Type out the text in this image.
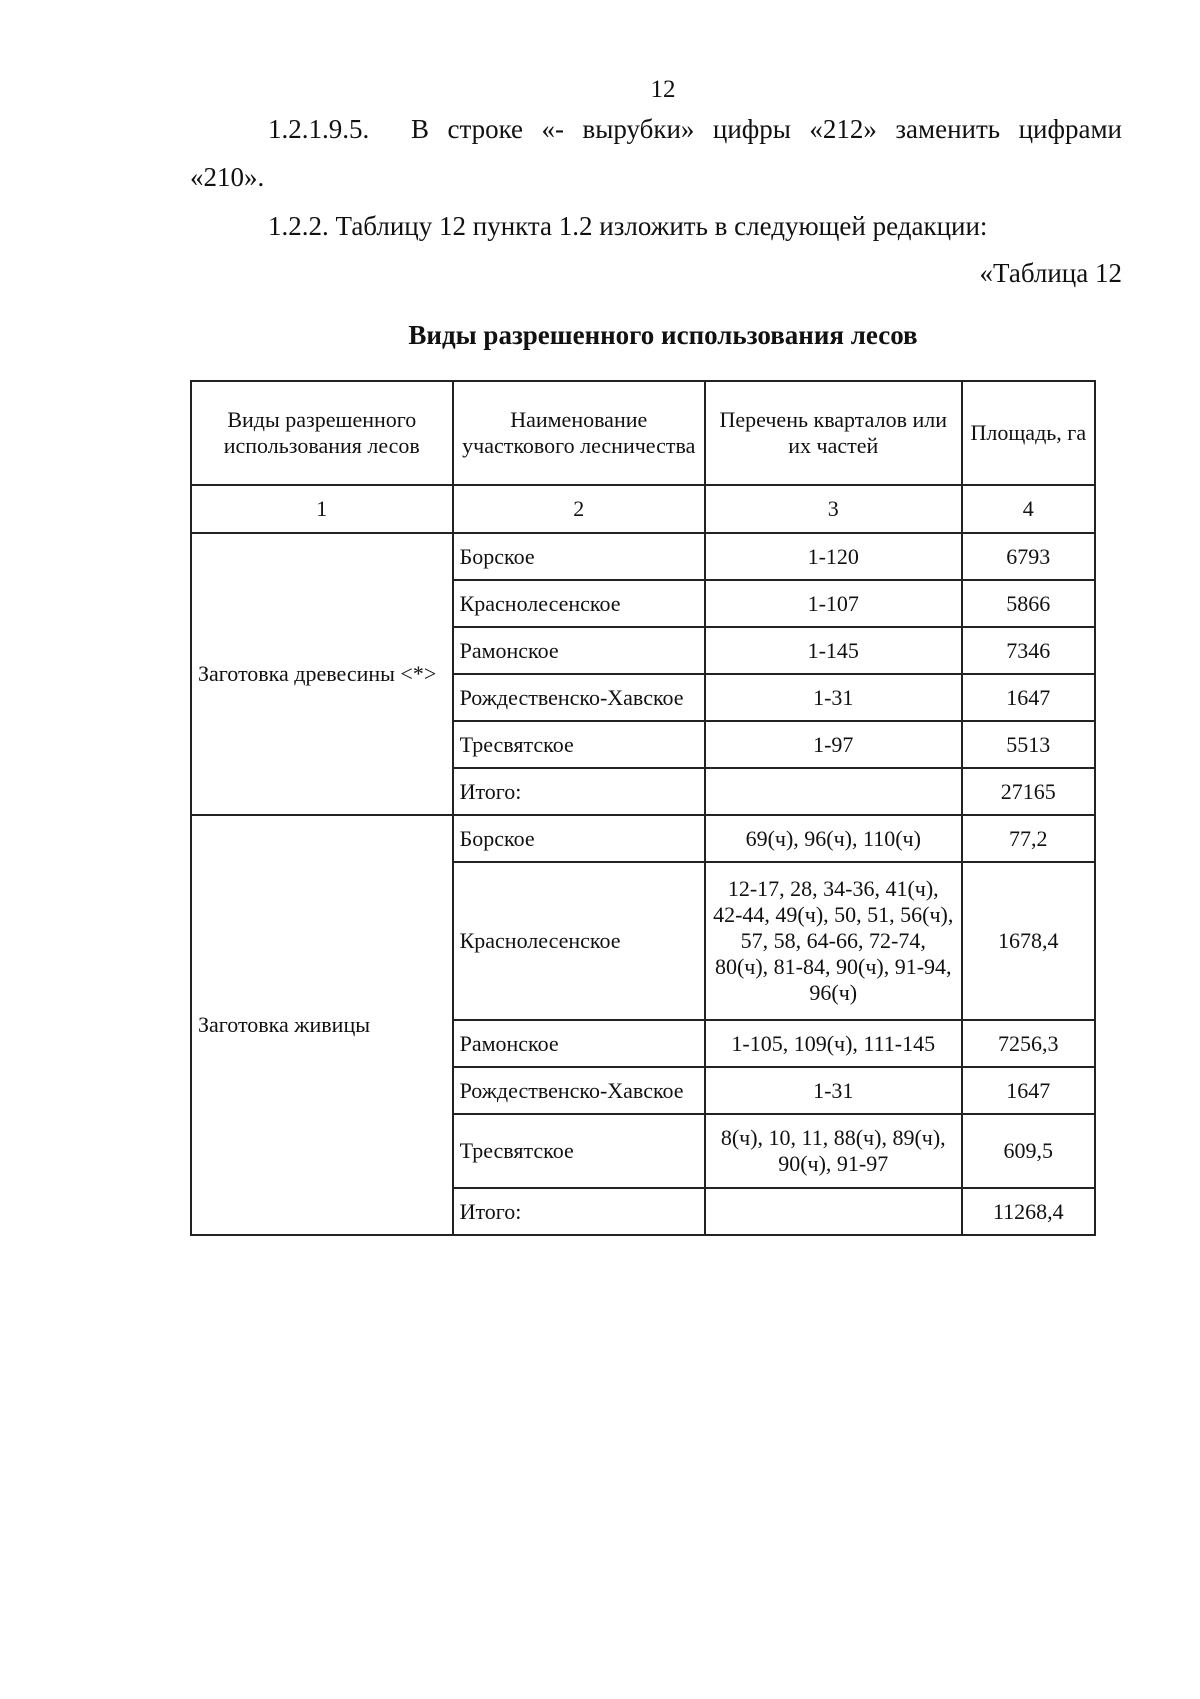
12
1.2.1.9.5. В строке «- вырубки» цифры «212» заменить цифрами
«210».
1.2.2. Таблицу 12 пункта 1.2 изложить в следующей редакции:
«Таблица 12
Виды разрешенного использования лесов
Виды разрешенного использования лесов	Наименование участкового лесничества	Перечень кварталов или их частей	Площадь, га
1	2	3	4
Заготовка древесины <*>	Борское	1-120	6793
	Краснолесенское	1-107	5866
	Рамонское	1-145	7346
	Рождественско-Хавское	1-31	1647
	Тресвятское	1-97	5513
	Итого:		27165
Заготовка живицы	Борское	69(ч), 96(ч), 110(ч)	77,2
	Краснолесенское	12-17, 28, 34-36, 41(ч), 42-44, 49(ч), 50, 51, 56(ч), 57, 58, 64-66, 72-74, 80(ч), 81-84, 90(ч), 91-94, 96(ч)	1678,4
	Рамонское	1-105, 109(ч), 111-145	7256,3
	Рождественско-Хавское	1-31	1647
	Тресвятское	8(ч), 10, 11, 88(ч), 89(ч), 90(ч), 91-97	609,5
	Итого:		11268,4
